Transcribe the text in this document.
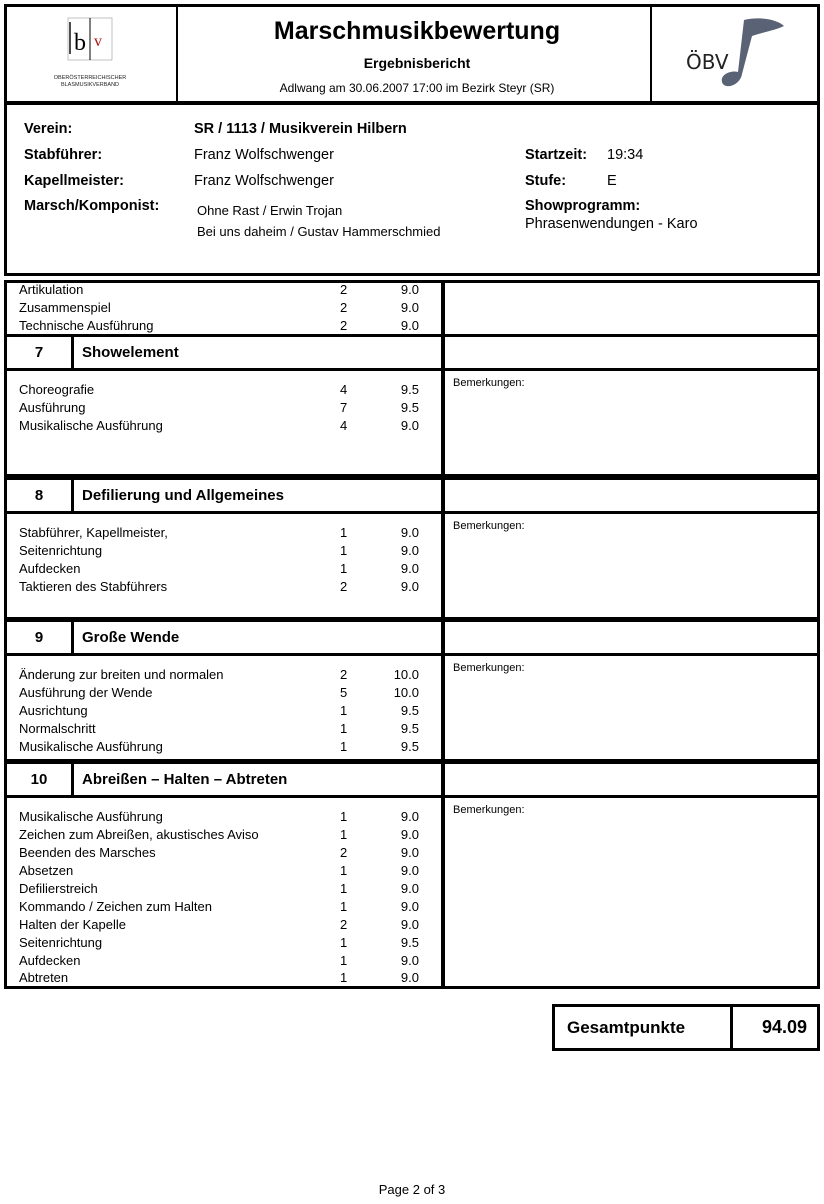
Marschmusikbewertung
Ergebnisbericht
Adlwang am 30.06.2007 17:00 im Bezirk Steyr (SR)
b v
OBERÖSTERREICHISCHER BLASMUSIKVERBAND
ÖBV
Verein:	SR / 1113 / Musikverein Hilbern
Stabführer:	Franz Wolfschwenger
Kapellmeister:	Franz Wolfschwenger
Marsch/Komponist:	Ohne Rast / Erwin Trojan
Bei uns daheim / Gustav Hammerschmied
Startzeit: 19:34
Stufe:	E
Showprogramm:
Phrasenwendungen - Karo
Artikulation	2	9.0
Zusammenspiel	2	9.0
Technische Ausführung	2	9.0
7	Showelement
Choreografie	4	9.5
Ausführung	7	9.5
Musikalische Ausführung	4	9.0
Bemerkungen:
8	Defilierung und Allgemeines
Stabführer, Kapellmeister,	1	9.0
Seitenrichtung	1	9.0
Aufdecken	1	9.0
Taktieren des Stabführers	2	9.0
Bemerkungen:
9	Große Wende
Änderung zur breiten und normalen	2	10.0
Ausführung der Wende	5	10.0
Ausrichtung	1	9.5
Normalschritt	1	9.5
Musikalische Ausführung	1	9.5
Bemerkungen:
10	Abreißen – Halten – Abtreten
Musikalische Ausführung	1	9.0
Zeichen zum Abreißen, akustisches Aviso	1	9.0
Beenden des Marsches	2	9.0
Absetzen	1	9.0
Defilierstreich	1	9.0
Kommando / Zeichen zum Halten	1	9.0
Halten der Kapelle	2	9.0
Seitenrichtung	1	9.5
Aufdecken	1	9.0
Abtreten	1	9.0
Bemerkungen:
Gesamtpunkte	94.09
Page 2 of 3
